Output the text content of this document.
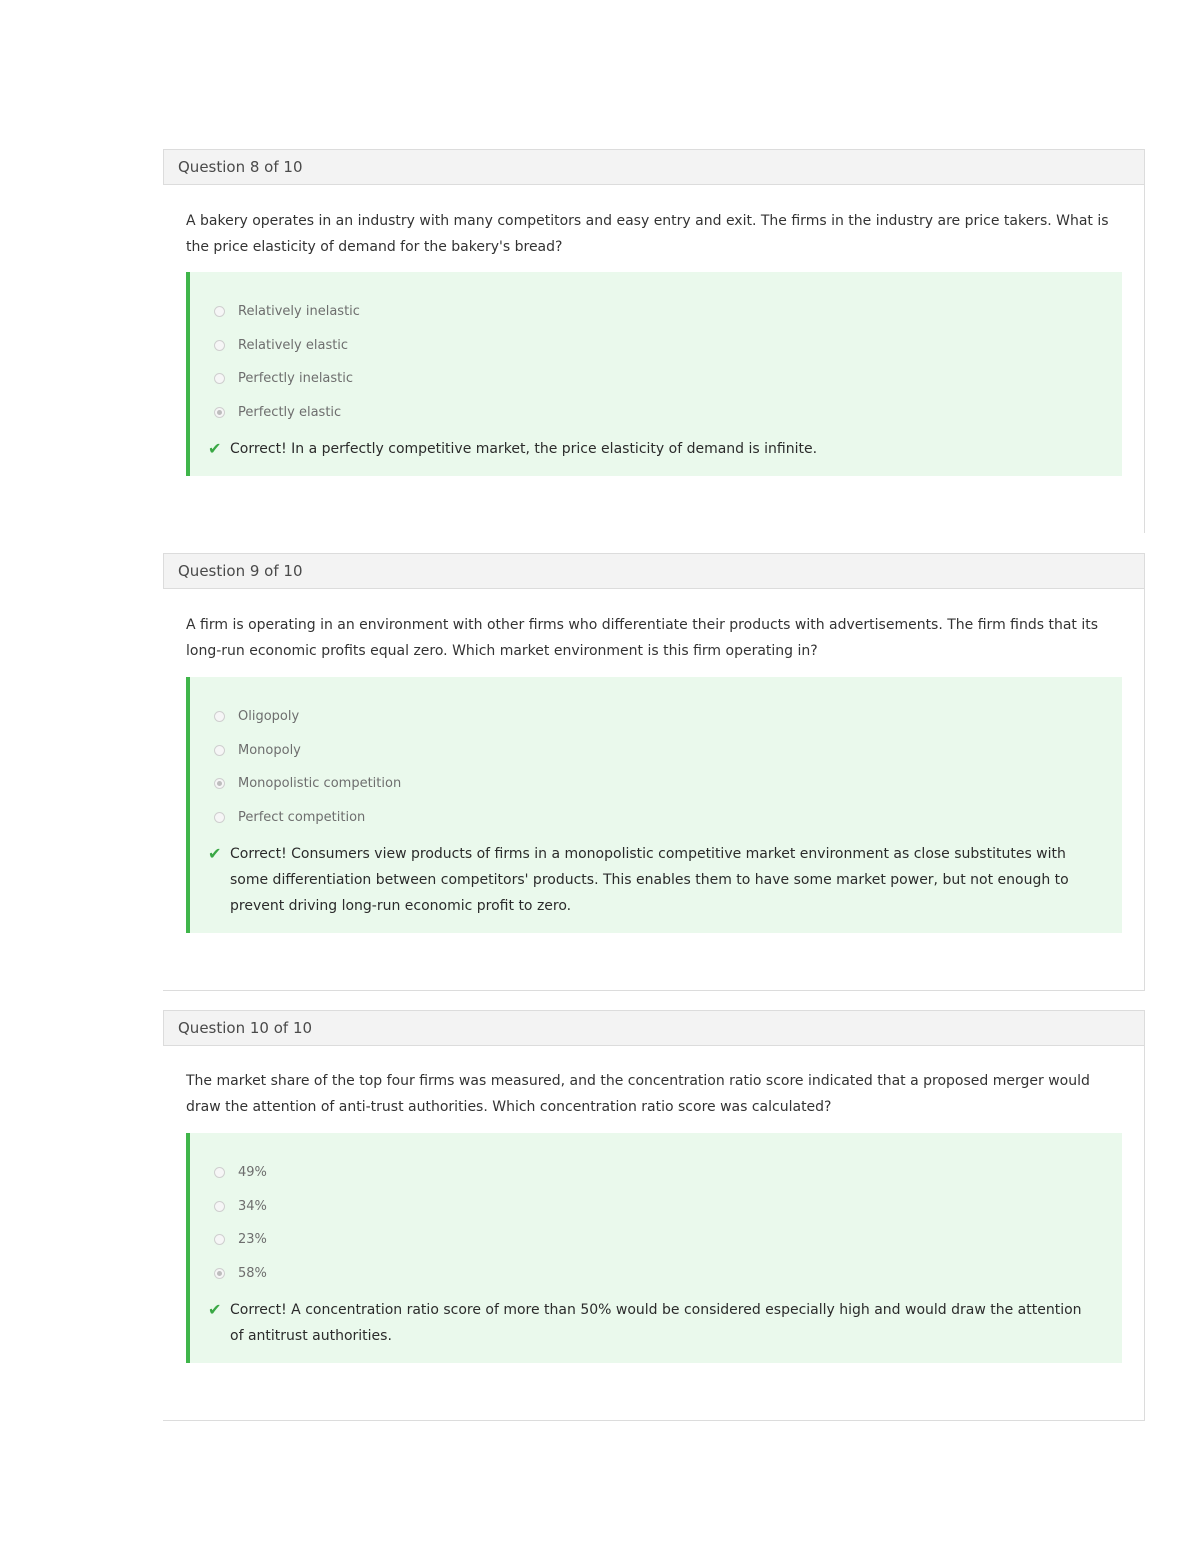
Question 8 of 10

A bakery operates in an industry with many competitors and easy entry and exit. The firms in the industry are price takers. What is the price elasticity of demand for the bakery's bread?

Relatively inelastic
Relatively elastic
Perfectly inelastic
Perfectly elastic
✔ Correct! In a perfectly competitive market, the price elasticity of demand is infinite.
Question 9 of 10

A firm is operating in an environment with other firms who differentiate their products with advertisements. The firm finds that its long-run economic profits equal zero. Which market environment is this firm operating in?

Oligopoly
Monopoly
Monopolistic competition
Perfect competition
✔ Correct! Consumers view products of firms in a monopolistic competitive market environment as close substitutes with some differentiation between competitors' products. This enables them to have some market power, but not enough to prevent driving long-run economic profit to zero.
Question 10 of 10

The market share of the top four firms was measured, and the concentration ratio score indicated that a proposed merger would draw the attention of anti-trust authorities. Which concentration ratio score was calculated?

49%
34%
23%
58%
✔ Correct! A concentration ratio score of more than 50% would be considered especially high and would draw the attention of antitrust authorities.
